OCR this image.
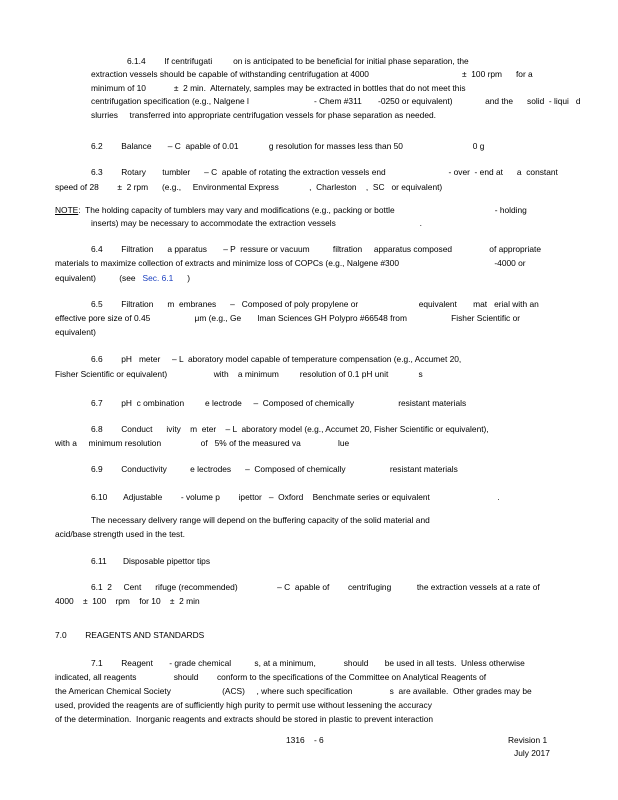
6.1.4        If centrifugati         on is anticipated to be beneficial for initial phase separation, the
extraction vessels should be capable of withstanding centrifugation at 4000                                        ±  100 rpm      for a
minimum of 10            ±  2 min.  Alternately, samples may be extracted in bottles that do not meet this
centrifugation specification (e.g., Nalgene l                            - Chem #311       -0250 or equivalent)              and the      solid  - liqui   d
slurries     transferred into appropriate centrifugation vessels for phase separation as needed.
6.2        Balance       – C  apable of 0.01             g resolution for masses less than 50                              0 g
6.3        Rotary       tumbler      – C  apable of rotating the extraction vessels end                           - over  - end at      a  constant
speed of 28        ±  2 rpm      (e.g.,     Environmental Express             ,  Charleston    ,  SC   or equivalent)
NOTE:  The holding capacity of tumblers may vary and modifications (e.g., packing or bottle                                           - holding
inserts) may be necessary to accommodate the extraction vessels                                    .
6.4        Filtration      a pparatus       – P  ressure or vacuum          filtration     apparatus composed                of appropriate
materials to maximize collection of extracts and minimize loss of COPCs (e.g., Nalgene #300                                         -4000 or
equivalent)          (see   Sec. 6.1      )
6.5        Filtration      m  embranes      –   Composed of poly propylene or                          equivalent       mat   erial with an
effective pore size of 0.45                   μm (e.g., Ge       lman Sciences GH Polypro #66548 from                   Fisher Scientific or
equivalent)
6.6        pH   meter     – L  aboratory model capable of temperature compensation (e.g., Accumet 20,
Fisher Scientific or equivalent)                    with    a minimum         resolution of 0.1 pH unit             s
6.7        pH  c ombination         e lectrode     –  Composed of chemically                   resistant materials
6.8        Conduct      ivity    m  eter    – L  aboratory model (e.g., Accumet 20, Fisher Scientific or equivalent),
with a     minimum resolution                 of   5% of the measured va                lue
6.9        Conductivity          e lectrodes      –  Composed of chemically                   resistant materials
6.10       Adjustable        - volume p        ipettor   –  Oxford    Benchmate series or equivalent                             .
The necessary delivery range will depend on the buffering capacity of the solid material and
acid/base strength used in the test.
6.11       Disposable pipettor tips
6.1  2     Cent      rifuge (recommended)                 – C  apable of        centrifuging           the extraction vessels at a rate of
4000    ±  100    rpm    for 10    ±  2 min
7.0        REAGENTS AND STANDARDS
7.1        Reagent       - grade chemical          s, at a minimum,            should       be used in all tests.  Unless otherwise
indicated, all reagents                should        conform to the specifications of the Committee on Analytical Reagents of
the American Chemical Society                      (ACS)     , where such specification                s  are available.  Other grades may be
used, provided the reagents are of sufficiently high purity to permit use without lessening the accuracy
of the determination.  Inorganic reagents and extracts should be stored in plastic to prevent interaction
1316    - 6	Revision 1
July 2017
